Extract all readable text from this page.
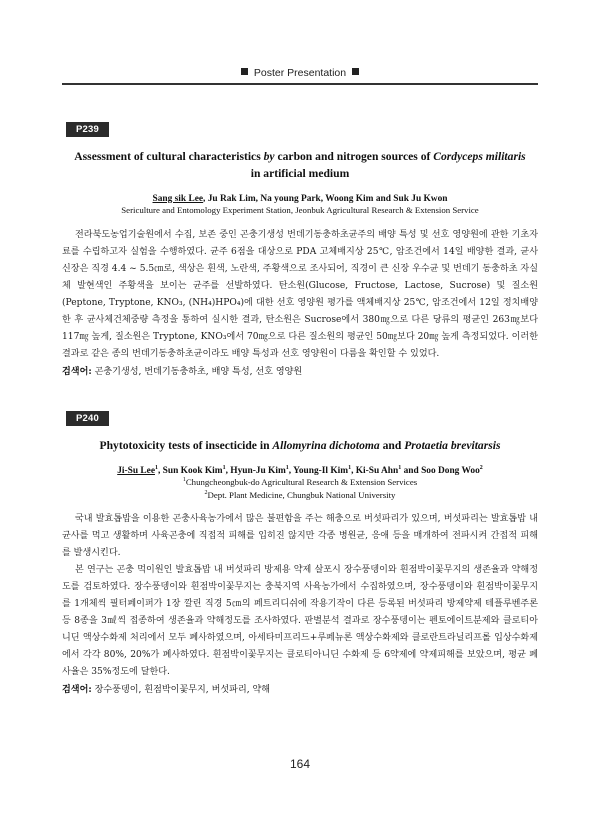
Poster Presentation
P239
Assessment of cultural characteristics by carbon and nitrogen sources of Cordyceps militaris
in artificial medium
Sang sik Lee, Ju Rak Lim, Na young Park, Woong Kim and Suk Ju Kwon
Sericulture and Entomology Experiment Station, Jeonbuk Agricultural Research & Extension Service

전라북도농업기술원에서 수집, 보존 중인 곤충기생성 번데기동충하초균주의 배양 특성 및 선호 영양원에 관한 기초자료를 수립하고자 실험을 수행하였다. 균주 6점을 대상으로 PDA 고체배지상 25℃, 암조건에서 14일 배양한 결과, 균사 신장은 직경 4.4 ~ 5.5㎝로, 색상은 흰색, 노란색, 주황색으로 조사되어, 직경이 큰 신장 우수균 및 번데기 동충하초 자실체 발현색인 주황색을 보이는 균주를 선발하였다. 탄소원(Glucose, Fructose, Lactose, Sucrose) 및 질소원(Peptone, Tryptone, KNO₃, (NH₄)HPO₄)에 대한 선호 영양원 평가를 액체배지상 25℃, 암조건에서 12일 정치배양한 후 균사체건체중량 측정을 통하여 실시한 결과, 탄소원은 Sucrose에서 380㎎으로 다른 당류의 평균인 263㎎보다 117㎎ 높게, 질소원은 Tryptone, KNO₃에서 70㎎으로 다른 질소원의 평균인 50㎎보다 20㎎ 높게 측정되었다. 이러한 결과로 같은 종의 번데기동충하초균이라도 배양 특성과 선호 영양원이 다름을 확인할 수 있었다.

검색어: 곤충기생성, 번데기동충하초, 배양 특성, 선호 영양원
P240
Phytotoxicity tests of insecticide in Allomyrina dichotoma and Protaetia brevitarsis
Ji-Su Lee$^1$, Sun Kook Kim$^1$, Hyun-Ju Kim$^1$, Young-Il Kim$^1$, Ki-Su Ahn$^1$ and Soo Dong Woo$^2$
$^1$Chungcheongbuk-do Agricultural Research & Extension Services
$^2$Dept. Plant Medicine, Chungbuk National University

국내 발효톱밥을 이용한 곤충사육농가에서 많은 불편함을 주는 해충으로 버섯파리가 있으며, 버섯파리는 발효톱밥 내 균사를 먹고 생활하며 사육곤충에 직접적 피해를 입히진 않지만 각종 병원균, 응애 등을 매개하여 전파시켜 간접적 피해를 발생시킨다.

본 연구는 곤충 먹이원인 발효톱밥 내 버섯파리 방제용 약제 살포시 장수풍뎅이와 흰점박이꽃무지의 생존율과 약해정도를 검토하였다. 장수풍뎅이와 흰점박이꽃무지는 충북지역 사육농가에서 수집하였으며, 장수풍뎅이와 흰점박이꽃무지를 1개체씩 필터페이퍼가 1장 깔린 직경 5㎝의 페트리디쉬에 작용기작이 다른 등록된 버섯파리 방제약제 테플루벤주론 등 8종을 3㎖씩 접종하여 생존율과 약해정도를 조사하였다. 판별분석 결과로 장수풍뎅이는 펜토에이트분제와 클로티아니딘 액상수화제 처리에서 모두 폐사하였으며, 아세타미프리드+루페뉴론 액상수화제와 클로란트라닐리프롤 입상수화제에서 각각 80%, 20%가 폐사하였다. 흰점박이꽃무지는 클로티아니딘 수화제 등 6약제에 약제피해를 보았으며, 평균 폐사율은 35%정도에 달한다.

검색어: 장수풍뎅이, 흰점박이꽃무지, 버섯파리, 약해
164
